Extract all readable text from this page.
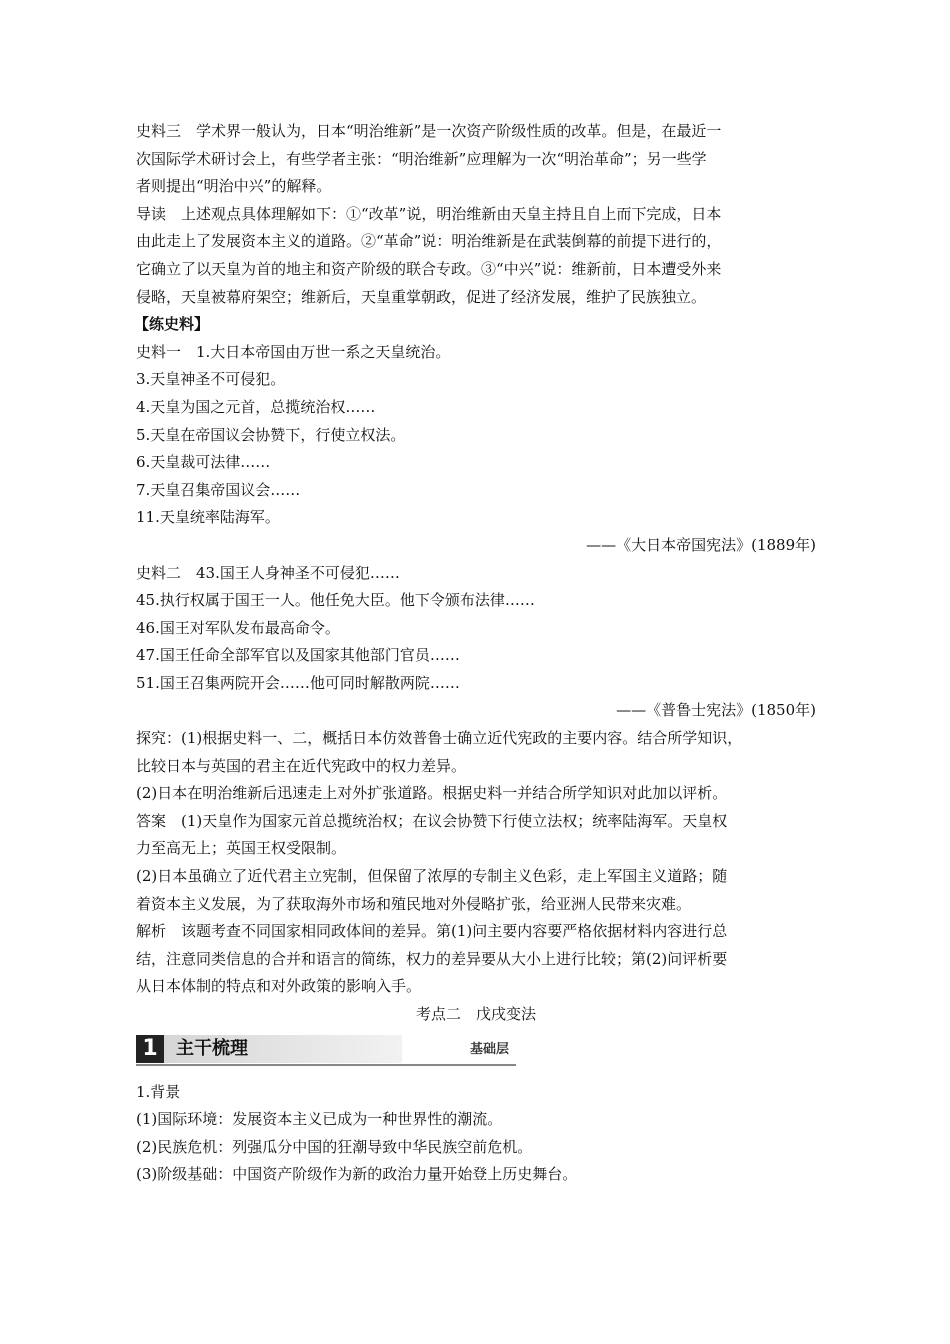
史料三　学术界一般认为，日本“明治维新”是一次资产阶级性质的改革。但是，在最近一
次国际学术研讨会上，有些学者主张：“明治维新”应理解为一次“明治革命”；另一些学
者则提出“明治中兴”的解释。
导读　上述观点具体理解如下：①“改革”说，明治维新由天皇主持且自上而下完成，日本
由此走上了发展资本主义的道路。②“革命”说：明治维新是在武装倒幕的前提下进行的，
它确立了以天皇为首的地主和资产阶级的联合专政。③“中兴”说：维新前，日本遭受外来
侵略，天皇被幕府架空；维新后，天皇重掌朝政，促进了经济发展，维护了民族独立。
【练史料】
史料一　1.大日本帝国由万世一系之天皇统治。
3.天皇神圣不可侵犯。
4.天皇为国之元首，总揽统治权……
5.天皇在帝国议会协赞下，行使立权法。
6.天皇裁可法律……
7.天皇召集帝国议会……
11.天皇统率陆海军。
——《大日本帝国宪法》(1889年)
史料二　43.国王人身神圣不可侵犯……
45.执行权属于国王一人。他任免大臣。他下令颁布法律……
46.国王对军队发布最高命令。
47.国王任命全部军官以及国家其他部门官员……
51.国王召集两院开会……他可同时解散两院……
——《普鲁士宪法》(1850年)
探究：(1)根据史料一、二，概括日本仿效普鲁士确立近代宪政的主要内容。结合所学知识，
比较日本与英国的君主在近代宪政中的权力差异。
(2)日本在明治维新后迅速走上对外扩张道路。根据史料一并结合所学知识对此加以评析。
答案　(1)天皇作为国家元首总揽统治权；在议会协赞下行使立法权；统率陆海军。天皇权
力至高无上；英国王权受限制。
(2)日本虽确立了近代君主立宪制，但保留了浓厚的专制主义色彩，走上军国主义道路；随
着资本主义发展，为了获取海外市场和殖民地对外侵略扩张，给亚洲人民带来灾难。
解析　该题考查不同国家相同政体间的差异。第(1)问主要内容要严格依据材料内容进行总
结，注意同类信息的合并和语言的简练，权力的差异要从大小上进行比较；第(2)问评析要
从日本体制的特点和对外政策的影响入手。
考点二　戊戌变法
1	主干梳理	基础层
1.背景
(1)国际环境：发展资本主义已成为一种世界性的潮流。
(2)民族危机：列强瓜分中国的狂潮导致中华民族空前危机。
(3)阶级基础：中国资产阶级作为新的政治力量开始登上历史舞台。
